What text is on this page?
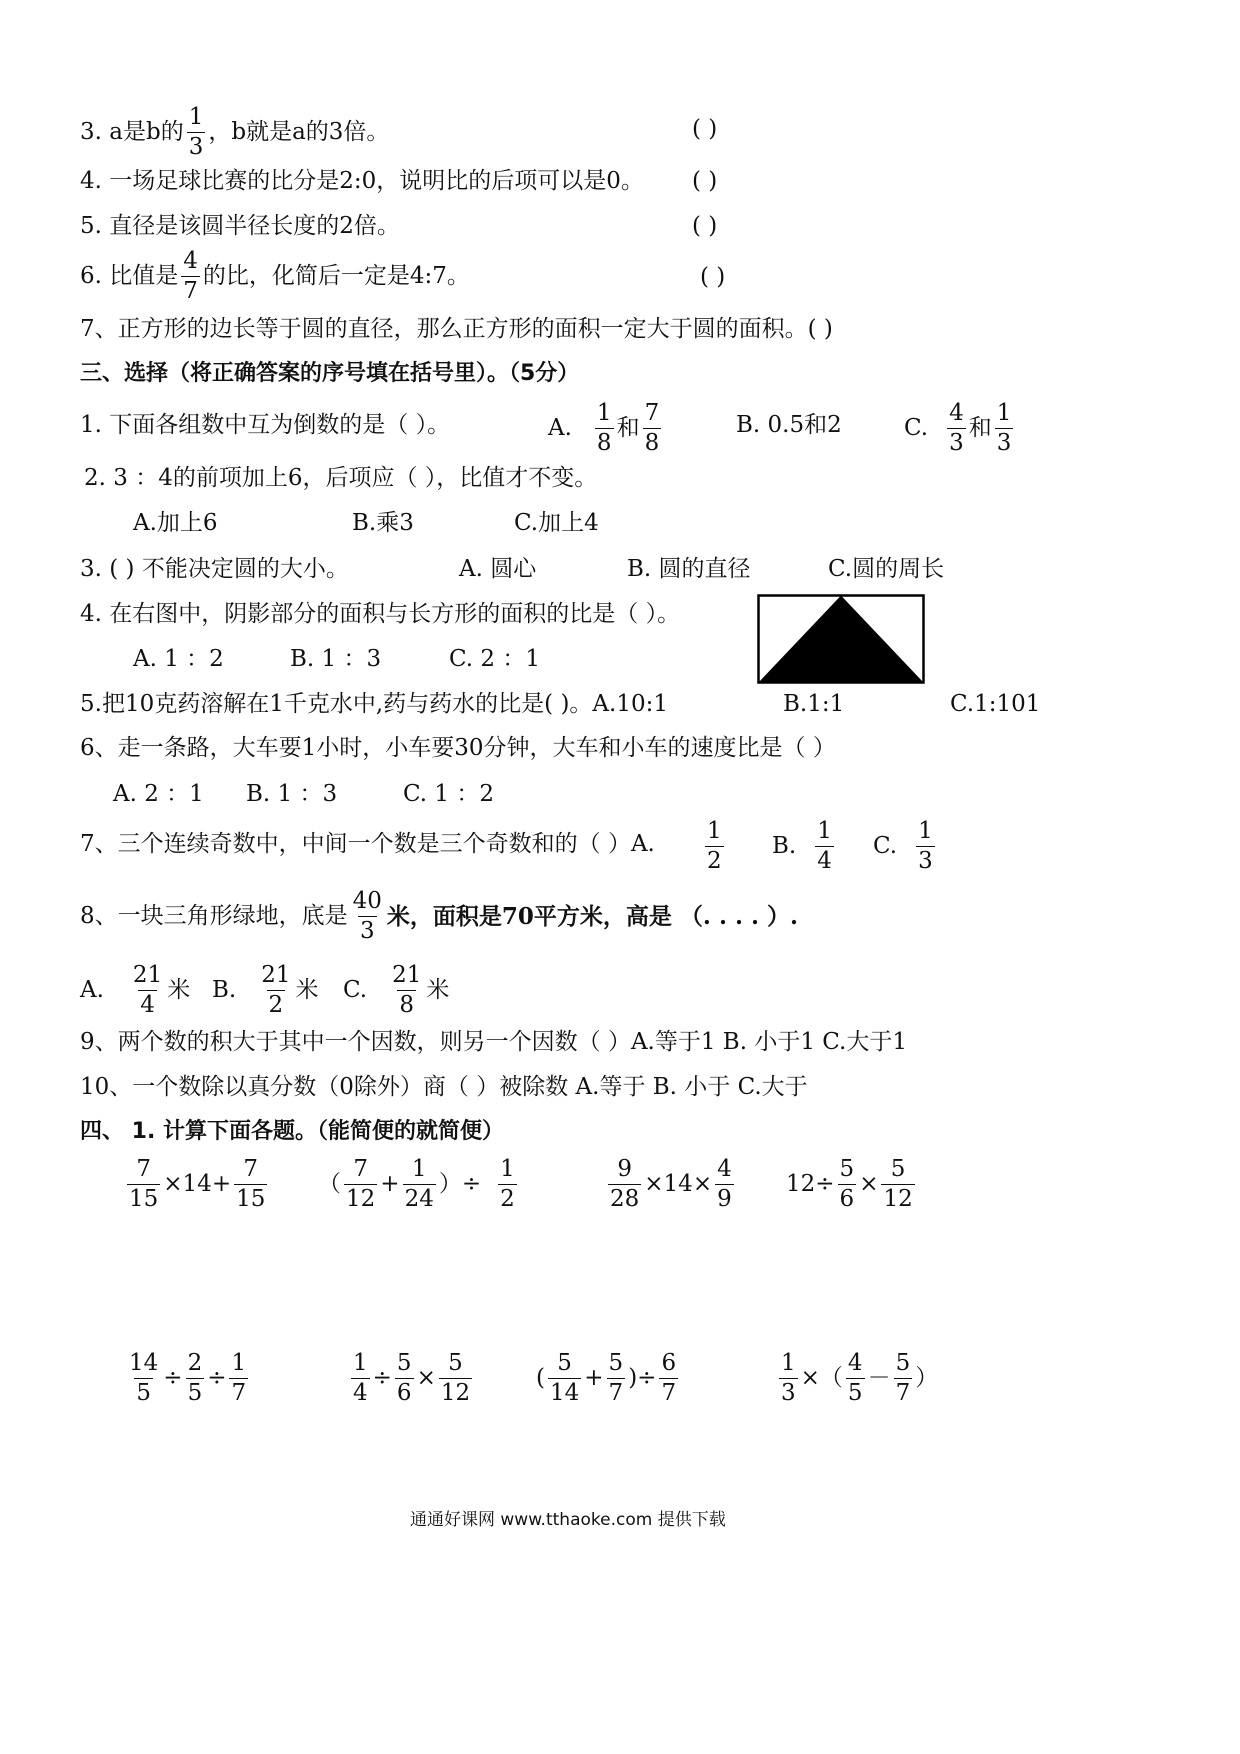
3. a是b的 $\frac{1}{3}$ ，b就是a的3倍。	( )
4. 一场足球比赛的比分是2:0，说明比的后项可以是0。 ( )
5. 直径是该圆半径长度的2倍。	( )
6. 比值是 $\frac{4}{7}$ 的比，化简后一定是4:7。	( )
7、正方形的边长等于圆的直径，那么正方形的面积一定大于圆的面积。( )
三、选择（将正确答案的序号填在括号里）。（5分）
1. 下面各组数中互为倒数的是（ ）。	A. $\frac{1}{8}$ 和 $\frac{7}{8}$	B. 0.5和2	C. $\frac{4}{3}$ 和 $\frac{1}{3}$
2. 3 ：4的前项加上6，后项应（ ），比值才不变。
A.加上6	B.乘3	C.加上4
3. ( ) 不能决定圆的大小。	A. 圆心	B. 圆的直径	C.圆的周长
4. 在右图中，阴影部分的面积与长方形的面积的比是（ ）。
A. 1 ：2	B. 1 ：3	C. 2 ：1
5.把10克药溶解在1千克水中,药与药水的比是( )。A.10:1	B.1:1	C.1:101
6、走一条路，大车要1小时，小车要30分钟，大车和小车的速度比是（ ）
A. 2 ：1 B. 1 ：3	C. 1 ：2
7、三个连续奇数中，中间一个数是三个奇数和的（ ）A. $\frac{1}{2} B$. $\frac{1}{4} C$. $\frac{1}{3}$
8、一块三角形绿地，底是 $\frac{40}{3}$ 米，面积是70平方米，高是 （. . . . ）.
A. $\frac{21}{4}$ 米 B. $\frac{21}{2}$ 米 C. $\frac{21}{8}$ 米
9、两个数的积大于其中一个因数，则另一个因数（ ）A.等于1 B. 小于1 C.大于1
10、一个数除以真分数（0除外）商（ ）被除数 A.等于 B. 小于 C.大于
四、 1. 计算下面各题。（能简便的就简便）
$\frac{7}{15} \times 14+ \frac{7}{15}$ （ $\frac{7}{12} + \frac{1}{24}$ ）÷ $\frac{1}{2}$	$\frac{9}{28} \times 14\times \frac{4}{9} 12\div \frac{5}{6} \times \frac{5}{12}$
$\frac{14}{5} \div \frac{2}{5} \div \frac{1}{7}$	$\frac{1}{4} \div \frac{5}{6} \times \frac{5}{12}$	( $\frac{5}{14} + \frac{5}{7}$ )÷ $\frac{6}{7}$	$\frac{1}{3}$ ×（ $\frac{4}{5} - \frac{5}{7}$ ）
通通好课网 www.tthaoke.com 提供下载
